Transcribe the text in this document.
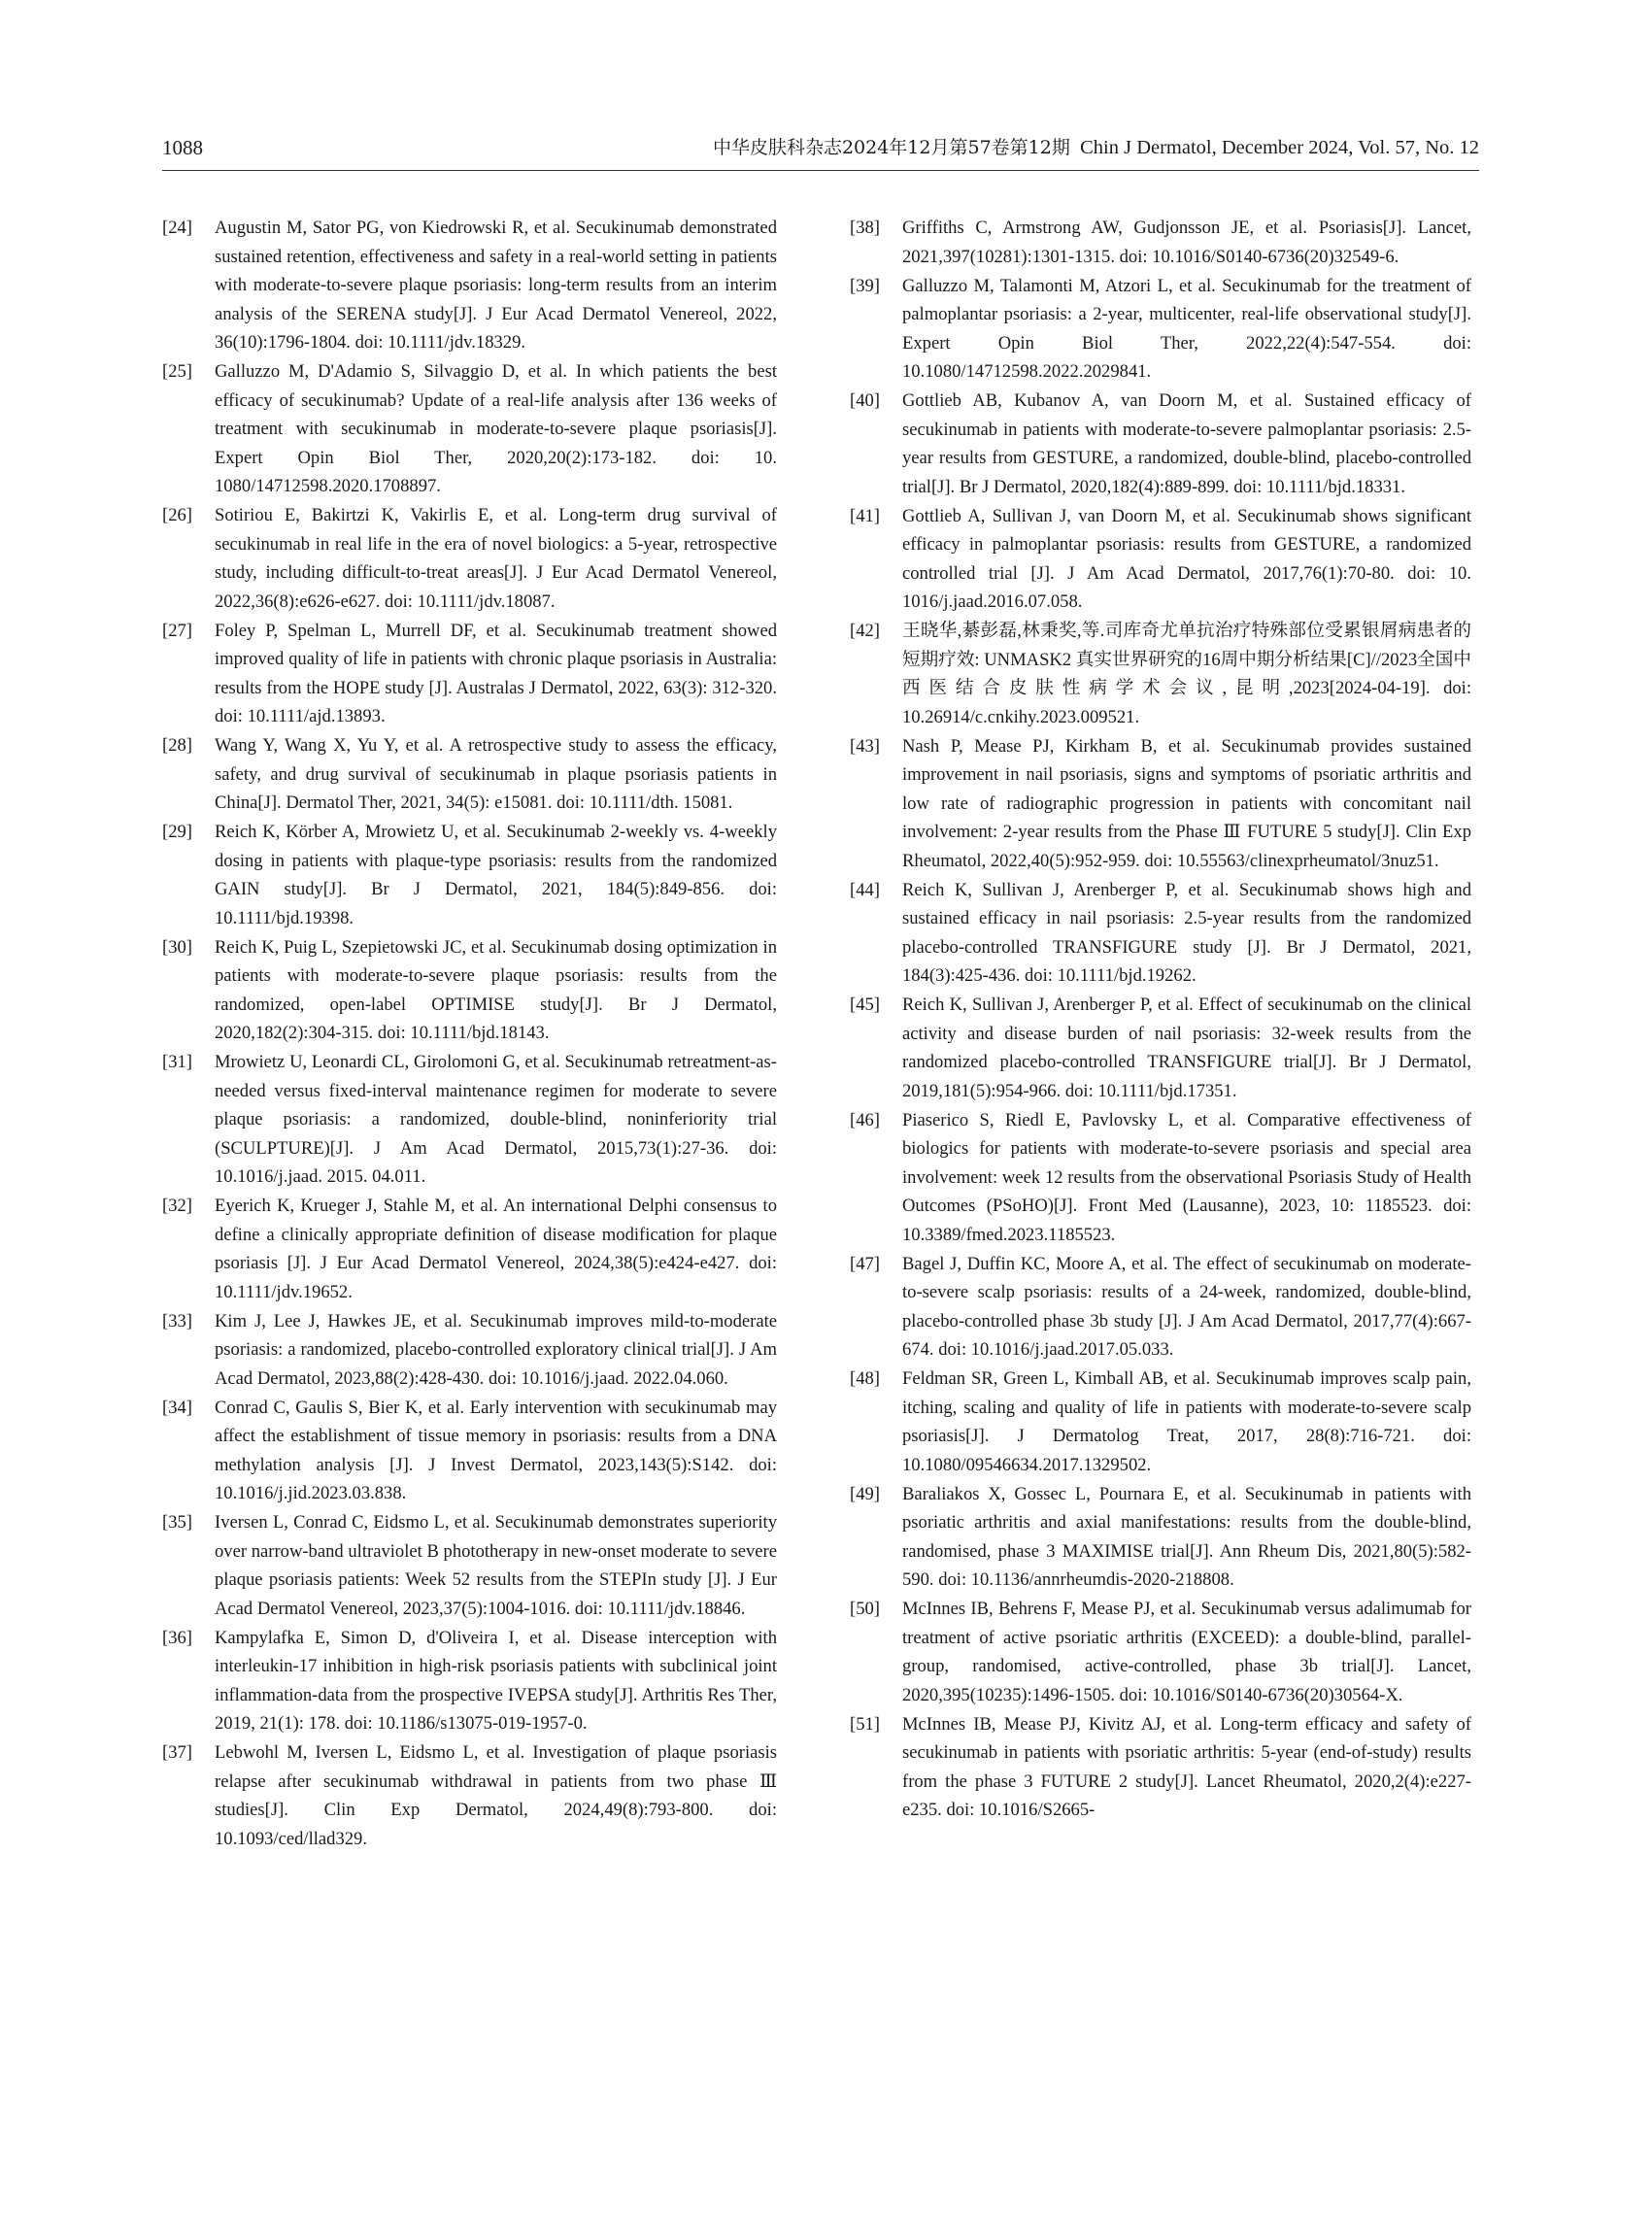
1088	中华皮肤科杂志2024年12月第57卷第12期 Chin J Dermatol, December 2024, Vol. 57, No. 12
[24]	Augustin M, Sator PG, von Kiedrowski R, et al. Secukinumab demonstrated sustained retention, effectiveness and safety in a real-world setting in patients with moderate-to-severe plaque psoriasis: long-term results from an interim analysis of the SERENA study[J]. J Eur Acad Dermatol Venereol, 2022, 36(10):1796-1804. doi: 10.1111/jdv.18329.
[25]	Galluzzo M, D'Adamio S, Silvaggio D, et al. In which patients the best efficacy of secukinumab? Update of a real-life analysis after 136 weeks of treatment with secukinumab in moderate-to-severe plaque psoriasis[J]. Expert Opin Biol Ther, 2020,20(2):173-182. doi: 10. 1080/14712598.2020.1708897.
[26]	Sotiriou E, Bakirtzi K, Vakirlis E, et al. Long-term drug survival of secukinumab in real life in the era of novel biologics: a 5-year, retrospective study, including difficult-to-treat areas[J]. J Eur Acad Dermatol Venereol, 2022,36(8):e626-e627. doi: 10.1111/jdv.18087.
[27]	Foley P, Spelman L, Murrell DF, et al. Secukinumab treatment showed improved quality of life in patients with chronic plaque psoriasis in Australia: results from the HOPE study [J]. Australas J Dermatol, 2022, 63(3): 312-320. doi: 10.1111/ajd.13893.
[28]	Wang Y, Wang X, Yu Y, et al. A retrospective study to assess the efficacy, safety, and drug survival of secukinumab in plaque psoriasis patients in China[J]. Dermatol Ther, 2021, 34(5): e15081. doi: 10.1111/dth. 15081.
[29]	Reich K, Körber A, Mrowietz U, et al. Secukinumab 2-weekly vs. 4-weekly dosing in patients with plaque-type psoriasis: results from the randomized GAIN study[J]. Br J Dermatol, 2021, 184(5):849-856. doi: 10.1111/bjd.19398.
[30]	Reich K, Puig L, Szepietowski JC, et al. Secukinumab dosing optimization in patients with moderate-to-severe plaque psoriasis: results from the randomized, open-label OPTIMISE study[J]. Br J Dermatol, 2020,182(2):304-315. doi: 10.1111/bjd.18143.
[31]	Mrowietz U, Leonardi CL, Girolomoni G, et al. Secukinumab retreatment-as-needed versus fixed-interval maintenance regimen for moderate to severe plaque psoriasis: a randomized, double-blind, noninferiority trial (SCULPTURE)[J]. J Am Acad Dermatol, 2015,73(1):27-36. doi: 10.1016/j.jaad. 2015. 04.011.
[32]	Eyerich K, Krueger J, Stahle M, et al. An international Delphi consensus to define a clinically appropriate definition of disease modification for plaque psoriasis [J]. J Eur Acad Dermatol Venereol, 2024,38(5):e424-e427. doi: 10.1111/jdv.19652.
[33]	Kim J, Lee J, Hawkes JE, et al. Secukinumab improves mild-to-moderate psoriasis: a randomized, placebo-controlled exploratory clinical trial[J]. J Am Acad Dermatol, 2023,88(2):428-430. doi: 10.1016/j.jaad. 2022.04.060.
[34]	Conrad C, Gaulis S, Bier K, et al. Early intervention with secukinumab may affect the establishment of tissue memory in psoriasis: results from a DNA methylation analysis [J]. J Invest Dermatol, 2023,143(5):S142. doi: 10.1016/j.jid.2023.03.838.
[35]	Iversen L, Conrad C, Eidsmo L, et al. Secukinumab demonstrates superiority over narrow-band ultraviolet B phototherapy in new-onset moderate to severe plaque psoriasis patients: Week 52 results from the STEPIn study [J]. J Eur Acad Dermatol Venereol, 2023,37(5):1004-1016. doi: 10.1111/jdv.18846.
[36]	Kampylafka E, Simon D, d'Oliveira I, et al. Disease interception with interleukin-17 inhibition in high-risk psoriasis patients with subclinical joint inflammation-data from the prospective IVEPSA study[J]. Arthritis Res Ther, 2019, 21(1): 178. doi: 10.1186/s13075-019-1957-0.
[37]	Lebwohl M, Iversen L, Eidsmo L, et al. Investigation of plaque psoriasis relapse after secukinumab withdrawal in patients from two phase Ⅲ studies[J]. Clin Exp Dermatol, 2024,49(8):793-800. doi: 10.1093/ced/llad329.
[38]	Griffiths C, Armstrong AW, Gudjonsson JE, et al. Psoriasis[J]. Lancet, 2021,397(10281):1301-1315. doi: 10.1016/S0140-6736(20)32549-6.
[39]	Galluzzo M, Talamonti M, Atzori L, et al. Secukinumab for the treatment of palmoplantar psoriasis: a 2-year, multicenter, real-life observational study[J]. Expert Opin Biol Ther, 2022,22(4):547-554. doi: 10.1080/14712598.2022.2029841.
[40]	Gottlieb AB, Kubanov A, van Doorn M, et al. Sustained efficacy of secukinumab in patients with moderate-to-severe palmoplantar psoriasis: 2.5-year results from GESTURE, a randomized, double-blind, placebo-controlled trial[J]. Br J Dermatol, 2020,182(4):889-899. doi: 10.1111/bjd.18331.
[41]	Gottlieb A, Sullivan J, van Doorn M, et al. Secukinumab shows significant efficacy in palmoplantar psoriasis: results from GESTURE, a randomized controlled trial [J]. J Am Acad Dermatol, 2017,76(1):70-80. doi: 10. 1016/j.jaad.2016.07.058.
[42]	王晓华,綦彭磊,林秉奖,等.司库奇尤单抗治疗特殊部位受累银屑病患者的短期疗效: UNMASK2 真实世界研究的16周中期分析结果[C]//2023全国中西医结合皮肤性病学术会议,昆明,2023[2024-04-19]. doi: 10.26914/c.cnkihy.2023.009521.
[43]	Nash P, Mease PJ, Kirkham B, et al. Secukinumab provides sustained improvement in nail psoriasis, signs and symptoms of psoriatic arthritis and low rate of radiographic progression in patients with concomitant nail involvement: 2-year results from the Phase Ⅲ FUTURE 5 study[J]. Clin Exp Rheumatol, 2022,40(5):952-959. doi: 10.55563/clinexprheumatol/3nuz51.
[44]	Reich K, Sullivan J, Arenberger P, et al. Secukinumab shows high and sustained efficacy in nail psoriasis: 2.5-year results from the randomized placebo-controlled TRANSFIGURE study [J]. Br J Dermatol, 2021, 184(3):425-436. doi: 10.1111/bjd.19262.
[45]	Reich K, Sullivan J, Arenberger P, et al. Effect of secukinumab on the clinical activity and disease burden of nail psoriasis: 32-week results from the randomized placebo-controlled TRANSFIGURE trial[J]. Br J Dermatol, 2019,181(5):954-966. doi: 10.1111/bjd.17351.
[46]	Piaserico S, Riedl E, Pavlovsky L, et al. Comparative effectiveness of biologics for patients with moderate-to-severe psoriasis and special area involvement: week 12 results from the observational Psoriasis Study of Health Outcomes (PSoHO)[J]. Front Med (Lausanne), 2023, 10: 1185523. doi: 10.3389/fmed.2023.1185523.
[47]	Bagel J, Duffin KC, Moore A, et al. The effect of secukinumab on moderate-to-severe scalp psoriasis: results of a 24-week, randomized, double-blind, placebo-controlled phase 3b study [J]. J Am Acad Dermatol, 2017,77(4):667-674. doi: 10.1016/j.jaad.2017.05.033.
[48]	Feldman SR, Green L, Kimball AB, et al. Secukinumab improves scalp pain, itching, scaling and quality of life in patients with moderate-to-severe scalp psoriasis[J]. J Dermatolog Treat, 2017, 28(8):716-721. doi: 10.1080/09546634.2017.1329502.
[49]	Baraliakos X, Gossec L, Pournara E, et al. Secukinumab in patients with psoriatic arthritis and axial manifestations: results from the double-blind, randomised, phase 3 MAXIMISE trial[J]. Ann Rheum Dis, 2021,80(5):582-590. doi: 10.1136/annrheumdis-2020-218808.
[50]	McInnes IB, Behrens F, Mease PJ, et al. Secukinumab versus adalimumab for treatment of active psoriatic arthritis (EXCEED): a double-blind, parallel-group, randomised, active-controlled, phase 3b trial[J]. Lancet, 2020,395(10235):1496-1505. doi: 10.1016/S0140-6736(20)30564-X.
[51]	McInnes IB, Mease PJ, Kivitz AJ, et al. Long-term efficacy and safety of secukinumab in patients with psoriatic arthritis: 5-year (end-of-study) results from the phase 3 FUTURE 2 study[J]. Lancet Rheumatol, 2020,2(4):e227-e235. doi: 10.1016/S2665-
